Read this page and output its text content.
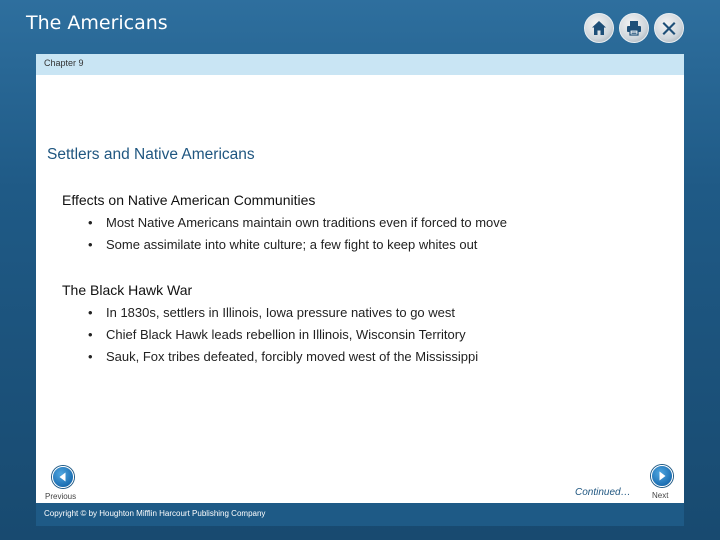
The Americans
Chapter 9
Settlers and Native Americans
Effects on Native American Communities
• Most Native Americans maintain own traditions even if forced to move
• Some assimilate into white culture; a few fight to keep whites out
The Black Hawk War
• In 1830s, settlers in Illinois, Iowa pressure natives to go west
• Chief Black Hawk leads rebellion in Illinois, Wisconsin Territory
• Sauk, Fox tribes defeated, forcibly moved west of the Mississippi
Previous	Continued…	Next
Copyright © by Houghton Mifflin Harcourt Publishing Company
